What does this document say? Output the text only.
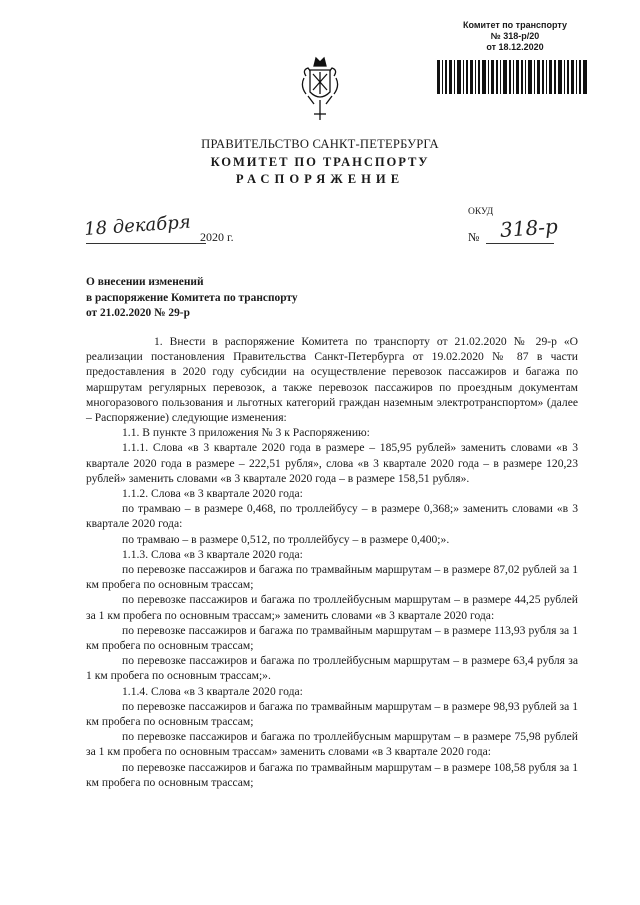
Комитет по транспорту
№ 318-р/20
от 18.12.2020
ПРАВИТЕЛЬСТВО САНКТ-ПЕТЕРБУРГА
КОМИТЕТ ПО ТРАНСПОРТУ
РАСПОРЯЖЕНИЕ
ОКУД
18 декабря 2020 г.	№ 318-р
О внесении изменений
в распоряжение Комитета по транспорту
от 21.02.2020 № 29-р

1. Внести в распоряжение Комитета по транспорту от 21.02.2020 № 29-р «О реализации постановления Правительства Санкт-Петербурга от 19.02.2020 № 87 в части предоставления в 2020 году субсидии на осуществление перевозок пассажиров и багажа по маршрутам регулярных перевозок, а также перевозок пассажиров по проездным документам многоразового пользования и льготных категорий граждан наземным электротранспортом» (далее – Распоряжение) следующие изменения:

1.1. В пункте 3 приложения № 3 к Распоряжению:

1.1.1. Слова «в 3 квартале 2020 года в размере – 185,95 рублей» заменить словами «в 3 квартале 2020 года в размере – 222,51 рубля», слова «в 3 квартале 2020 года – в размере 120,23 рублей» заменить словами «в 3 квартале 2020 года – в размере 158,51 рубля».

1.1.2. Слова «в 3 квартале 2020 года:

по трамваю – в размере 0,468, по троллейбусу – в размере 0,368;» заменить словами «в 3 квартале 2020 года:

по трамваю – в размере 0,512, по троллейбусу – в размере 0,400;».

1.1.3. Слова «в 3 квартале 2020 года:

по перевозке пассажиров и багажа по трамвайным маршрутам – в размере 87,02 рублей за 1 км пробега по основным трассам;

по перевозке пассажиров и багажа по троллейбусным маршрутам – в размере 44,25 рублей за 1 км пробега по основным трассам;» заменить словами «в 3 квартале 2020 года:

по перевозке пассажиров и багажа по трамвайным маршрутам – в размере 113,93 рубля за 1 км пробега по основным трассам;

по перевозке пассажиров и багажа по троллейбусным маршрутам – в размере 63,4 рубля за 1 км пробега по основным трассам;».

1.1.4. Слова «в 3 квартале 2020 года:

по перевозке пассажиров и багажа по трамвайным маршрутам – в размере 98,93 рублей за 1 км пробега по основным трассам;

по перевозке пассажиров и багажа по троллейбусным маршрутам – в размере 75,98 рублей за 1 км пробега по основным трассам» заменить словами «в 3 квартале 2020 года:

по перевозке пассажиров и багажа по трамвайным маршрутам – в размере 108,58 рубля за 1 км пробега по основным трассам;
